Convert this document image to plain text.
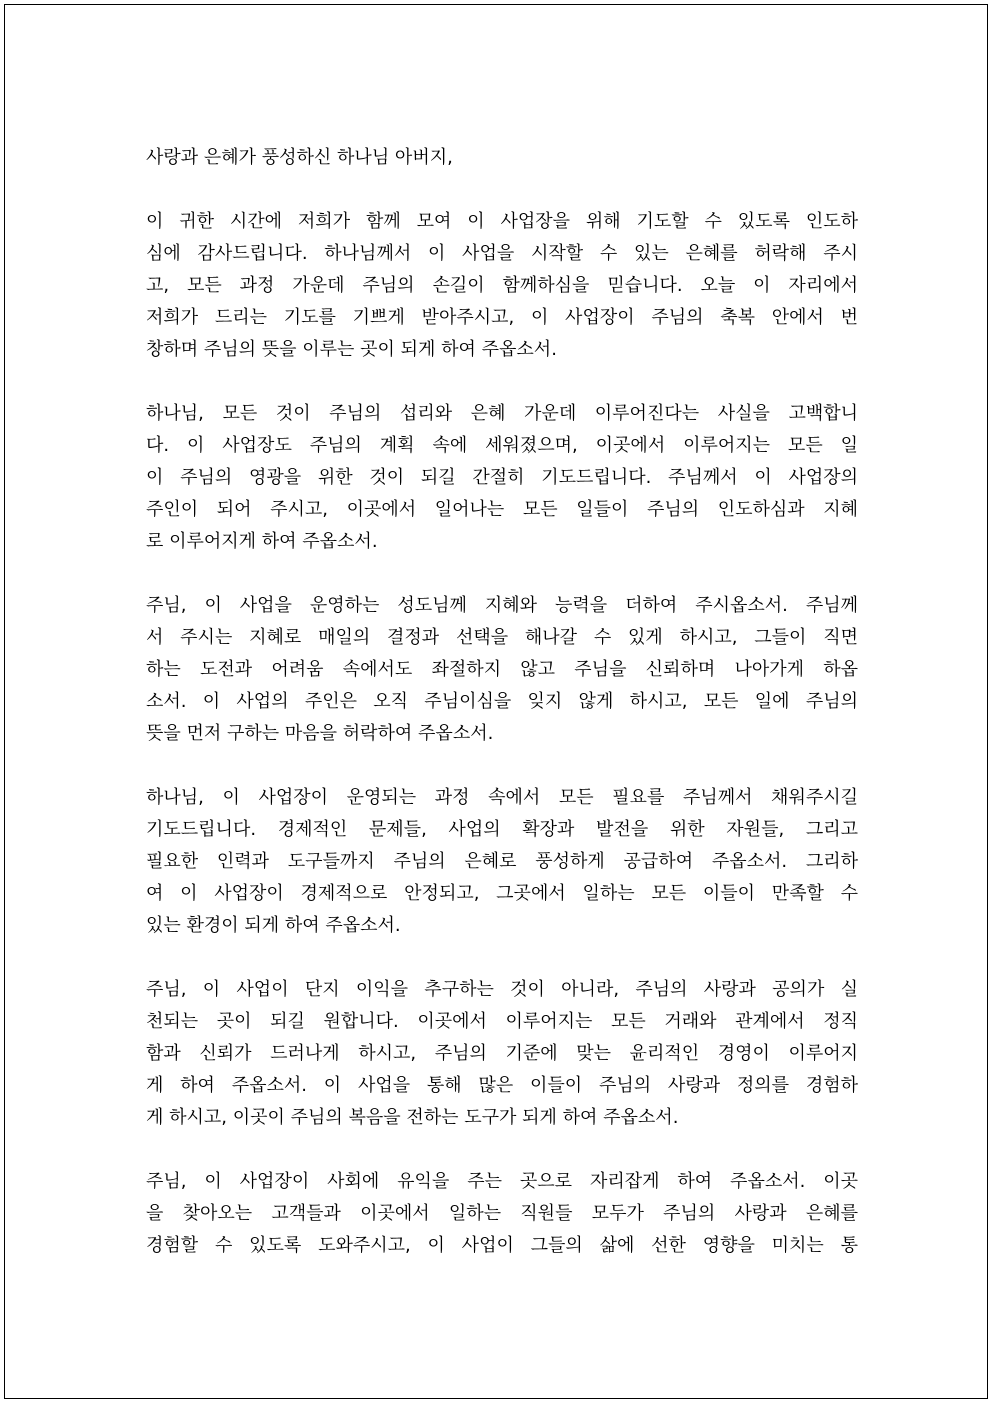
사랑과 은혜가 풍성하신 하나님 아버지,
이 귀한 시간에 저희가 함께 모여 이 사업장을 위해 기도할 수 있도록 인도하
심에 감사드립니다. 하나님께서 이 사업을 시작할 수 있는 은혜를 허락해 주시
고, 모든 과정 가운데 주님의 손길이 함께하심을 믿습니다. 오늘 이 자리에서
저희가 드리는 기도를 기쁘게 받아주시고, 이 사업장이 주님의 축복 안에서 번
창하며 주님의 뜻을 이루는 곳이 되게 하여 주옵소서.
하나님, 모든 것이 주님의 섭리와 은혜 가운데 이루어진다는 사실을 고백합니
다. 이 사업장도 주님의 계획 속에 세워졌으며, 이곳에서 이루어지는 모든 일
이 주님의 영광을 위한 것이 되길 간절히 기도드립니다. 주님께서 이 사업장의
주인이 되어 주시고, 이곳에서 일어나는 모든 일들이 주님의 인도하심과 지혜
로 이루어지게 하여 주옵소서.
주님, 이 사업을 운영하는 성도님께 지혜와 능력을 더하여 주시옵소서. 주님께
서 주시는 지혜로 매일의 결정과 선택을 해나갈 수 있게 하시고, 그들이 직면
하는 도전과 어려움 속에서도 좌절하지 않고 주님을 신뢰하며 나아가게 하옵
소서. 이 사업의 주인은 오직 주님이심을 잊지 않게 하시고, 모든 일에 주님의
뜻을 먼저 구하는 마음을 허락하여 주옵소서.
하나님, 이 사업장이 운영되는 과정 속에서 모든 필요를 주님께서 채워주시길
기도드립니다. 경제적인 문제들, 사업의 확장과 발전을 위한 자원들, 그리고
필요한 인력과 도구들까지 주님의 은혜로 풍성하게 공급하여 주옵소서. 그리하
여 이 사업장이 경제적으로 안정되고, 그곳에서 일하는 모든 이들이 만족할 수
있는 환경이 되게 하여 주옵소서.
주님, 이 사업이 단지 이익을 추구하는 것이 아니라, 주님의 사랑과 공의가 실
천되는 곳이 되길 원합니다. 이곳에서 이루어지는 모든 거래와 관계에서 정직
함과 신뢰가 드러나게 하시고, 주님의 기준에 맞는 윤리적인 경영이 이루어지
게 하여 주옵소서. 이 사업을 통해 많은 이들이 주님의 사랑과 정의를 경험하
게 하시고, 이곳이 주님의 복음을 전하는 도구가 되게 하여 주옵소서.
주님, 이 사업장이 사회에 유익을 주는 곳으로 자리잡게 하여 주옵소서. 이곳
을 찾아오는 고객들과 이곳에서 일하는 직원들 모두가 주님의 사랑과 은혜를
경험할 수 있도록 도와주시고, 이 사업이 그들의 삶에 선한 영향을 미치는 통
